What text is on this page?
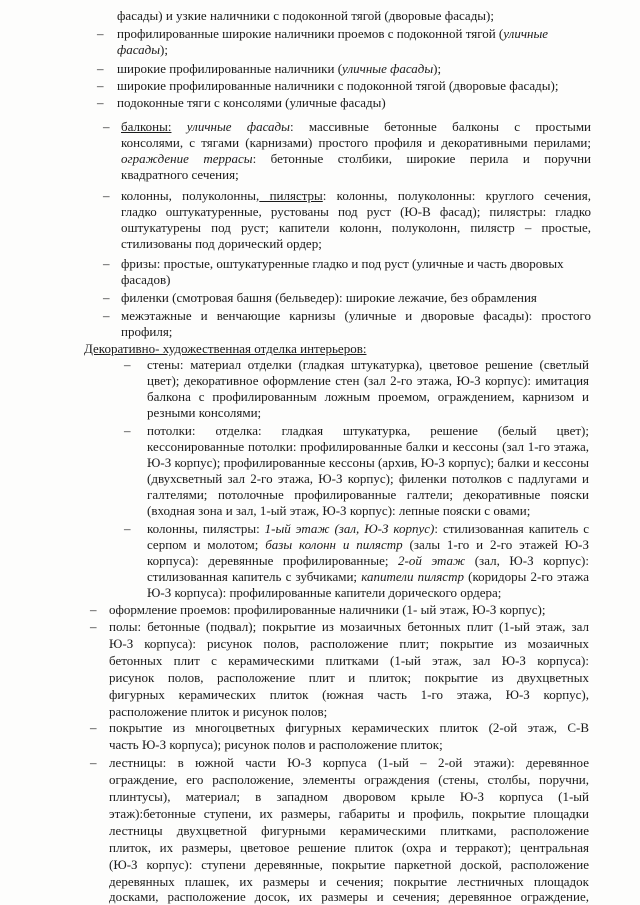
фасады) и узкие наличники с подоконной тягой (дворовые фасады);
– профилированные широкие наличники проемов с подоконной тягой (уличные
фасады);
– широкие профилированные наличники (уличные фасады);
– широкие профилированные наличники с подоконной тягой (дворовые фасады);
– подоконные тяги с консолями (уличные фасады)
– балконы: уличные фасады: массивные бетонные балконы с простыми
консолями, с тягами (карнизами) простого профиля и декоративными перилами;
ограждение террасы: бетонные столбики, широкие перила и поручни
квадратного сечения;
– колонны, полуколонны, пилястры: колонны, полуколонны: круглого сечения,
гладко оштукатуренные, рустованы под руст (Ю-В фасад); пилястры: гладко
оштукатурены под руст; капители колонн, полуколонн, пилястр – простые,
стилизованы под дорический ордер;
– фризы: простые, оштукатуренные гладко и под руст (уличные и часть дворовых
фасадов)
– филенки (смотровая башня (бельведер): широкие лежачие, без обрамления
– межэтажные и венчающие карнизы (уличные и дворовые фасады): простого
профиля;
Декоративно- художественная отделка интерьеров:
– стены: материал отделки (гладкая штукатурка), цветовое решение (светлый
цвет); декоративное оформление стен (зал 2-го этажа, Ю-З корпус): имитация
балкона с профилированным ложным проемом, ограждением, карнизом и
резными консолями;
– потолки: отделка: гладкая штукатурка, решение (белый цвет);
кессонированные потолки: профилированные балки и кессоны (зал 1-го этажа,
Ю-З корпус); профилированные кессоны (архив, Ю-З корпус); балки и кессоны
(двухсветный зал 2-го этажа, Ю-З корпус); филенки потолков с падлугами и
галтелями; потолочные профилированные галтели; декоративные пояски
(входная зона и зал, 1-ый этаж, Ю-З корпус): лепные пояски с овами;
– колонны, пилястры: 1-ый этаж (зал, Ю-З корпус): стилизованная капитель с
серпом и молотом; базы колонн и пилястр (залы 1-го и 2-го этажей Ю-З
корпуса): деревянные профилированные; 2-ой этаж (зал, Ю-З корпус):
стилизованная капитель с зубчиками; капители пилястр (коридоры 2-го этажа
Ю-З корпуса): профилированные капители дорического ордера;
– оформление проемов: профилированные наличники (1- ый этаж, Ю-З корпус);
– полы: бетонные (подвал); покрытие из мозаичных бетонных плит (1-ый этаж, зал
Ю-З корпуса): рисунок полов, расположение плит; покрытие из мозаичных
бетонных плит с керамическими плитками (1-ый этаж, зал Ю-З корпуса):
рисунок полов, расположение плит и плиток; покрытие из двухцветных
фигурных керамических плиток (южная часть 1-го этажа, Ю-З корпус),
расположение плиток и рисунок полов;
– покрытие из многоцветных фигурных керамических плиток (2-ой этаж, С-В
часть Ю-З корпуса); рисунок полов и расположение плиток;
– лестницы: в южной части Ю-З корпуса (1-ый – 2-ой этажи): деревянное
ограждение, его расположение, элементы ограждения (стены, столбы, поручни,
плинтусы), материал; в западном дворовом крыле Ю-З корпуса (1-ый
этаж):бетонные ступени, их размеры, габариты и профиль, покрытие площадки
лестницы двухцветной фигурными керамическими плитками, расположение
плиток, их размеры, цветовое решение плиток (охра и терракот); центральная
(Ю-З корпус): ступени деревянные, покрытие паркетной доской, расположение
деревянных плашек, их размеры и сечения; покрытие лестничных площадок
досками, расположение досок, их размеры и сечения; деревянное ограждение,
